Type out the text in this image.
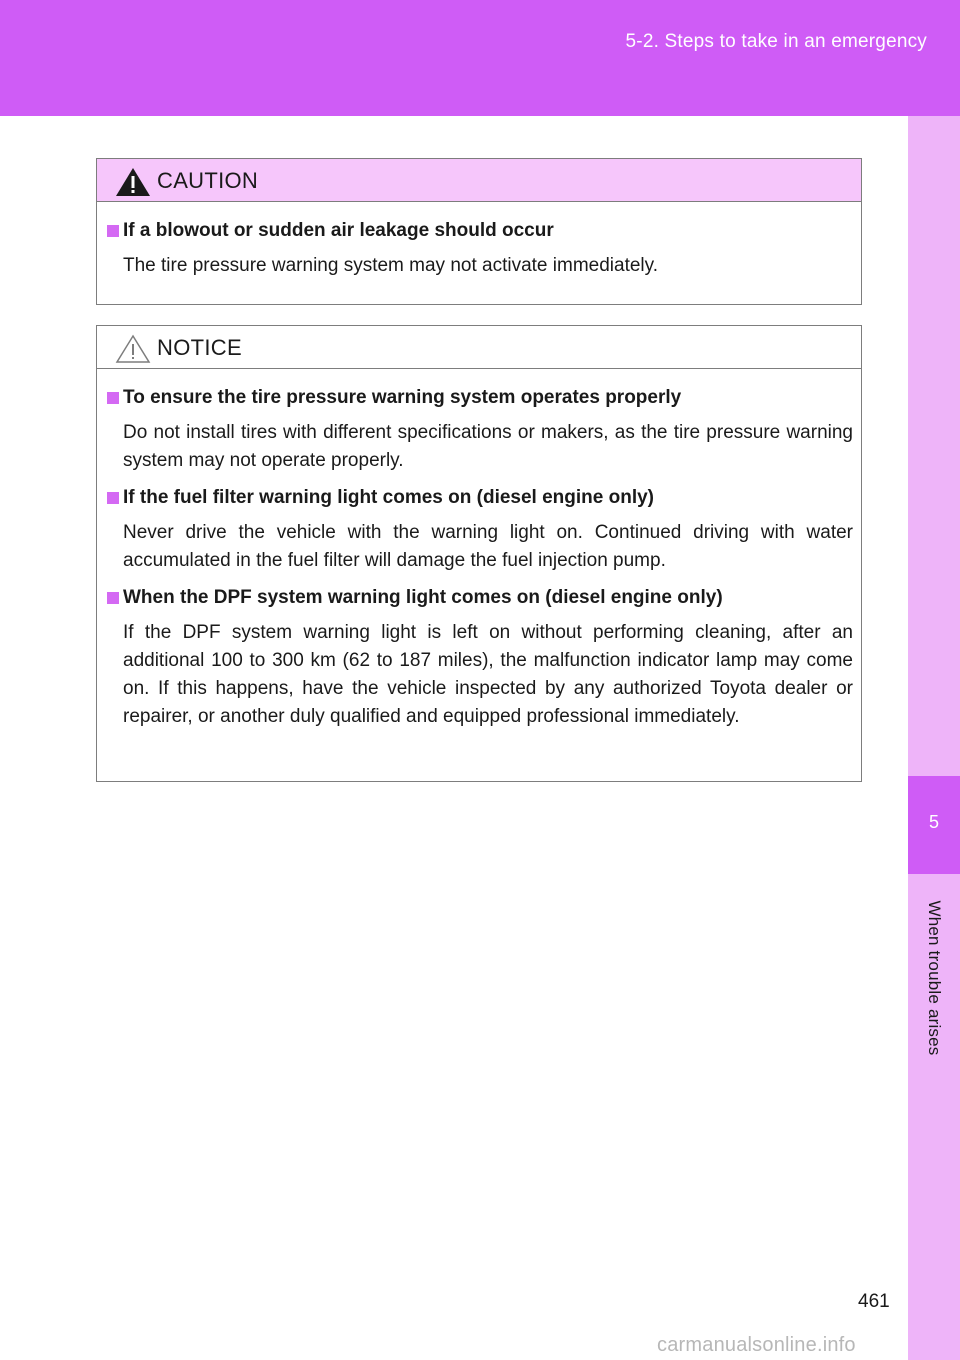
5-2. Steps to take in an emergency
5
When trouble arises
CAUTION
If a blowout or sudden air leakage should occur
The tire pressure warning system may not activate immediately.
NOTICE
To ensure the tire pressure warning system operates properly
Do not install tires with different specifications or makers, as the tire pressure warning system may not operate properly.
If the fuel filter warning light comes on (diesel engine only)
Never drive the vehicle with the warning light on. Continued driving with water accumulated in the fuel filter will damage the fuel injection pump.
When the DPF system warning light comes on (diesel engine only)
If the DPF system warning light is left on without performing cleaning, after an additional 100 to 300 km (62 to 187 miles), the malfunction indicator lamp may come on. If this happens, have the vehicle inspected by any authorized Toyota dealer or repairer, or another duly qualified and equipped professional immediately.
461
carmanualsonline.info
